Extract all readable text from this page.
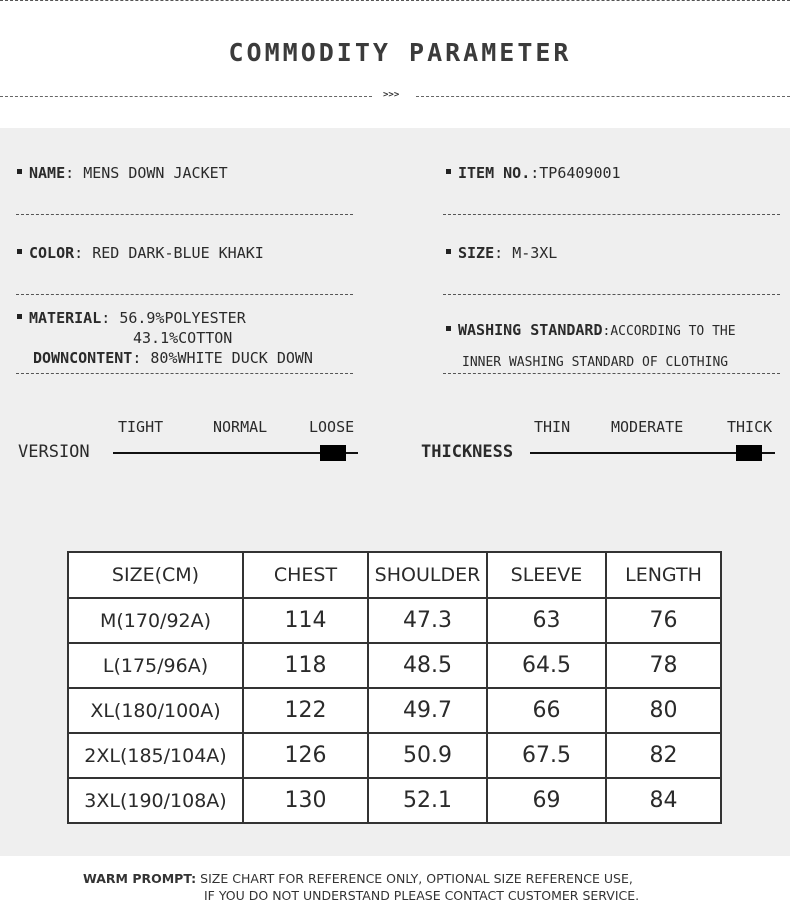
COMMODITY PARAMETER
>>>
NAME: MENS DOWN JACKET	ITEM NO.:TP6409001
COLOR: RED DARK-BLUE KHAKI	SIZE: M-3XL
MATERIAL: 56.9%POLYESTER
43.1%COTTON
DOWNCONTENT: 80%WHITE DUCK DOWN
WASHING STANDARD:ACCORDING TO THE
INNER WASHING STANDARD OF CLOTHING
VERSION
TIGHT	NORMAL	LOOSE
THICKNESS
THIN	MODERATE	THICK
SIZE(CM)	CHEST	SHOULDER	SLEEVE	LENGTH
M(170/92A)	114	47.3	63	76
L(175/96A)	118	48.5	64.5	78
XL(180/100A)	122	49.7	66	80
2XL(185/104A)	126	50.9	67.5	82
3XL(190/108A)	130	52.1	69	84
WARM PROMPT: SIZE CHART FOR REFERENCE ONLY, OPTIONAL SIZE REFERENCE USE,
IF YOU DO NOT UNDERSTAND PLEASE CONTACT CUSTOMER SERVICE.
